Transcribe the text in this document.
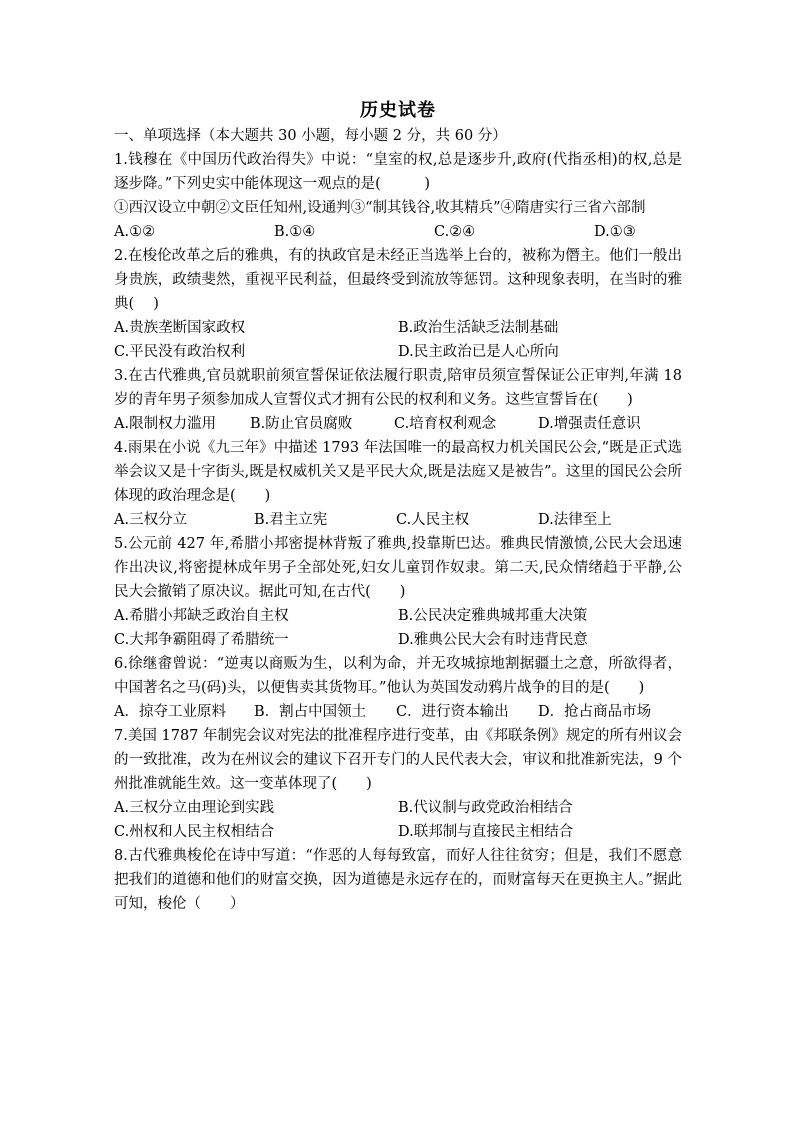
历史试卷
一、单项选择（本大题共 30 小题，每小题 2 分，共 60 分）

1.钱穆在《中国历代政治得失》中说：“皇室的权,总是逐步升,政府(代指丞相)的权,总是逐步降。”下列史实中能体现这一观点的是(　　　)

①西汉设立中朝②文臣任知州,设通判③“制其钱谷,收其精兵”④隋唐实行三省六部制

A.①②	B.①④	C.②④	D.①③

2.在梭伦改革之后的雅典，有的执政官是未经正当选举上台的，被称为僭主。他们一般出身贵族，政绩斐然，重视平民利益，但最终受到流放等惩罚。这种现象表明，在当时的雅典(　 )

A.贵族垄断国家政权	B.政治生活缺乏法制基础
C.平民没有政治权利	D.民主政治已是人心所向

3.在古代雅典,官员就职前须宣誓保证依法履行职责,陪审员须宣誓保证公正审判,年满 18 岁的青年男子须参加成人宣誓仪式才拥有公民的权利和义务。这些宣誓旨在(　　)

A.限制权力滥用	B.防止官员腐败	C.培育权利观念	D.增强责任意识

4.雨果在小说《九三年》中描述 1793 年法国唯一的最高权力机关国民公会,“既是正式选举会议又是十字街头,既是权威机关又是平民大众,既是法庭又是被告”。这里的国民公会所体现的政治理念是(　　)

A.三权分立	B.君主立宪	C.人民主权	D.法律至上

5.公元前 427 年,希腊小邦密提林背叛了雅典,投靠斯巴达。雅典民情激愤,公民大会迅速作出决议,将密提林成年男子全部处死,妇女儿童罚作奴隶。第二天,民众情绪趋于平静,公民大会撤销了原决议。据此可知,在古代(　　)

A.希腊小邦缺乏政治自主权	B.公民决定雅典城邦重大决策
C.大邦争霸阻碍了希腊统一	D.雅典公民大会有时违背民意

6.徐继畬曾说：“逆夷以商贩为生，以利为命，并无攻城掠地割据疆土之意，所欲得者，中国著名之马(码)头，以便售卖其货物耳。”他认为英国发动鸦片战争的目的是(　　)

A．掠夺工业原料	B．割占中国领土	C．进行资本输出	D．抢占商品市场

7.美国 1787 年制宪会议对宪法的批准程序进行变革，由《邦联条例》规定的所有州议会的一致批准，改为在州议会的建议下召开专门的人民代表大会，审议和批准新宪法，9 个州批准就能生效。这一变革体现了(　　)

A.三权分立由理论到实践	B.代议制与政党政治相结合
C.州权和人民主权相结合	D.联邦制与直接民主相结合

8.古代雅典梭伦在诗中写道：“作恶的人每每致富，而好人往往贫穷；但是，我们不愿意把我们的道德和他们的财富交换，因为道德是永远存在的，而财富每天在更换主人。”据此可知，梭伦（　　）
